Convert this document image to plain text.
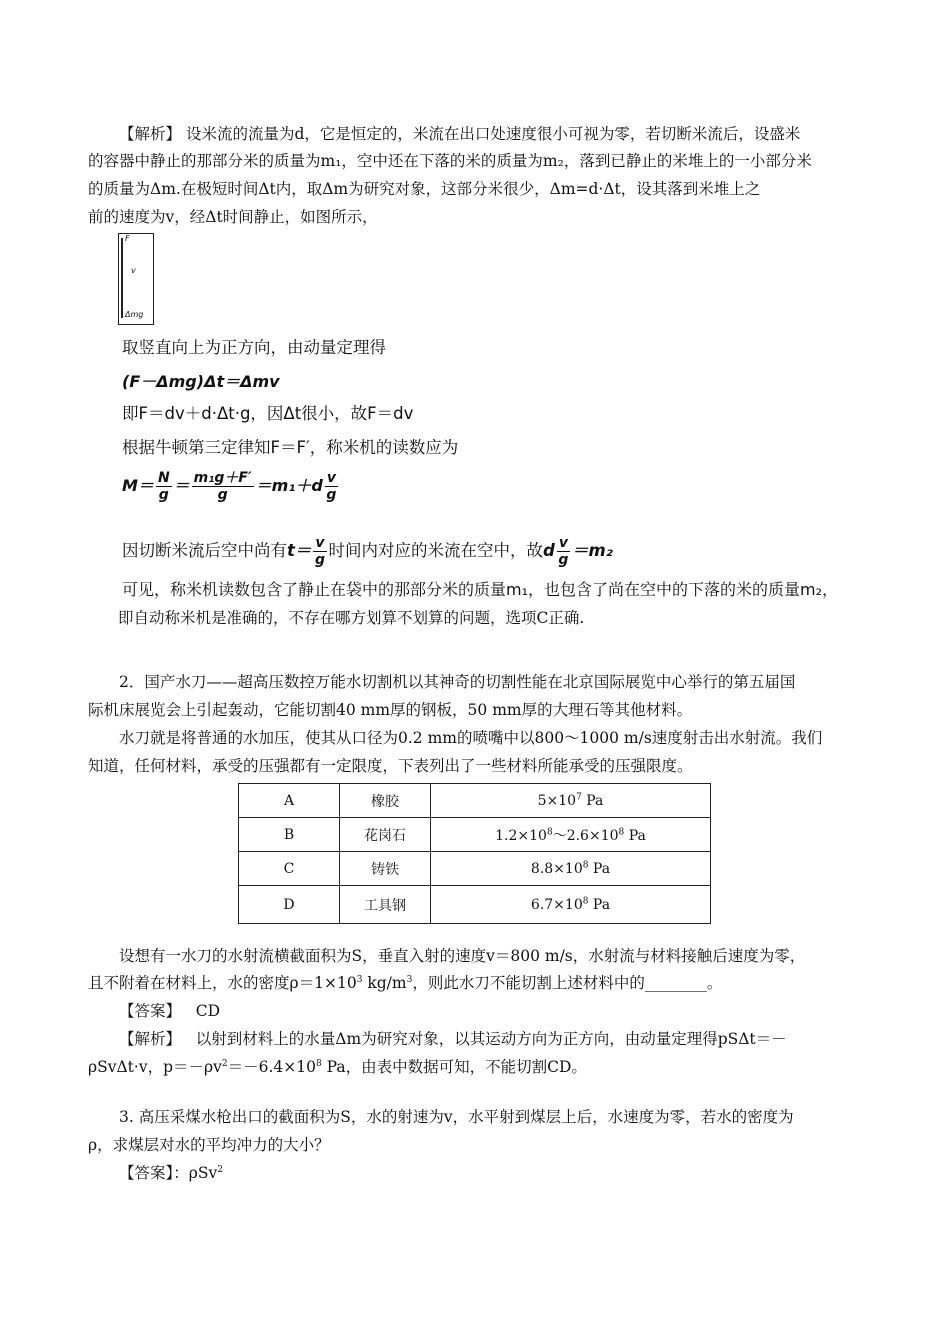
【解析】 设米流的流量为d，它是恒定的，米流在出口处速度很小可视为零，若切断米流后，设盛米
的容器中静止的那部分米的质量为m₁，空中还在下落的米的质量为m₂，落到已静止的米堆上的一小部分米
的质量为Δm.在极短时间Δt内，取Δm为研究对象，这部分米很少，Δm=d·Δt，设其落到米堆上之
前的速度为v，经Δt时间静止，如图所示，
F
v
Δmg
取竖直向上为正方向，由动量定理得
(F－Δmg)Δt＝Δmv
即F＝dv＋d·Δt·g，因Δt很小，故F＝dv
根据牛顿第三定律知F＝F′，称米机的读数应为
$M= \frac{N}{g} = \frac{\text{m₁g＋F′}}{g} =m_1+d \frac{v}{g}$
因切断米流后空中尚有$t= \frac{v}{g}$ 时间内对应的米流在空中，故d $\frac{v}{g} =m_2$
可见，称米机读数包含了静止在袋中的那部分米的质量m₁，也包含了尚在空中的下落的米的质量m₂，
即自动称米机是准确的，不存在哪方划算不划算的问题，选项C正确.
2．国产水刀——超高压数控万能水切割机以其神奇的切割性能在北京国际展览中心举行的第五届国
际机床展览会上引起轰动，它能切割40 mm厚的钢板，50 mm厚的大理石等其他材料。
水刀就是将普通的水加压，使其从口径为0.2 mm的喷嘴中以800～1000 m/s速度射击出水射流。我们
知道，任何材料，承受的压强都有一定限度，下表列出了一些材料所能承受的压强限度。
A	橡胶	$5\times 10^7$ Pa
B	花岗石	$1.2\times 10^8\sim 2.6\times 10^8$ Pa
C	铸铁	$8.8\times 10^8$ Pa
D	工具钢	$6.7\times 10^8$ Pa
设想有一水刀的水射流横截面积为S，垂直入射的速度v＝800 m/s，水射流与材料接触后速度为零，
且不附着在材料上，水的密度$\rho=1\times 10^3$ $kg/m^3$，则此水刀不能切割上述材料中的________。
【答案】 CD
【解析】 以射到材料上的水量Δm为研究对象，以其运动方向为正方向，由动量定理得pSΔt＝－
ρSvΔt·v，$p=-\rho v^2=-6.4\times 10^8$ Pa，由表中数据可知，不能切割CD。
3. 高压采煤水枪出口的截面积为S，水的射速为v，水平射到煤层上后，水速度为零，若水的密度为
ρ，求煤层对水的平均冲力的大小？
【答案】：ρSv$^2$
